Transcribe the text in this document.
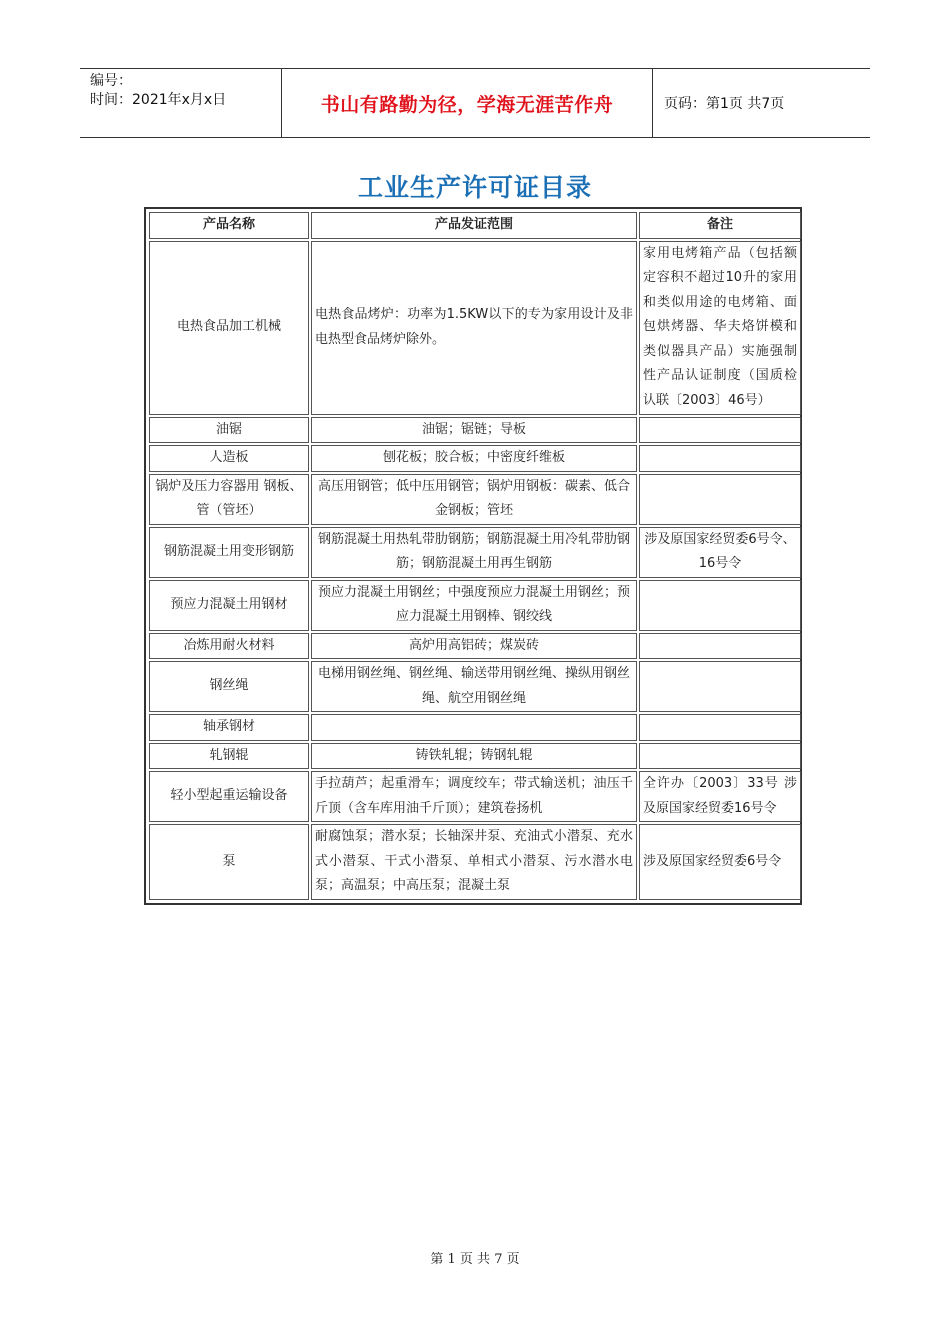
编号：
时间：2021年x月x日	书山有路勤为径，学海无涯苦作舟	页码：第1页 共7页
工业生产许可证目录
产品名称	产品发证范围	备注
电热食品加工机械	电热食品烤炉：功率为1.5KW以下的专为家用设计及非电热型食品烤炉除外。	家用电烤箱产品（包括额定容积不超过10升的家用和类似用途的电烤箱、面包烘烤器、华夫烙饼模和类似器具产品）实施强制性产品认证制度（国质检认联〔2003〕46号）
油锯	油锯；锯链；导板	
人造板	刨花板；胶合板；中密度纤维板	
锅炉及压力容器用 钢板、管（管坯）	高压用钢管；低中压用钢管；锅炉用钢板：碳素、低合金钢板；管坯	
钢筋混凝土用变形钢筋	钢筋混凝土用热轧带肋钢筋；钢筋混凝土用冷轧带肋钢筋；钢筋混凝土用再生钢筋	涉及原国家经贸委6号令、16号令
预应力混凝土用钢材	预应力混凝土用钢丝；中强度预应力混凝土用钢丝；预应力混凝土用钢棒、钢绞线	
冶炼用耐火材料	高炉用高铝砖；煤炭砖	
钢丝绳	电梯用钢丝绳、钢丝绳、输送带用钢丝绳、操纵用钢丝绳、航空用钢丝绳	
轴承钢材		
轧钢辊	铸铁轧辊；铸钢轧辊	
轻小型起重运输设备	手拉葫芦；起重滑车；调度绞车；带式输送机；油压千斤顶（含车库用油千斤顶）；建筑卷扬机	全许办〔2003〕33号 涉及原国家经贸委16号令
泵	耐腐蚀泵；潜水泵；长轴深井泵、充油式小潜泵、充水式小潜泵、干式小潜泵、单相式小潜泵、污水潜水电泵；高温泵；中高压泵；混凝土泵	涉及原国家经贸委6号令
第 1 页 共 7 页
